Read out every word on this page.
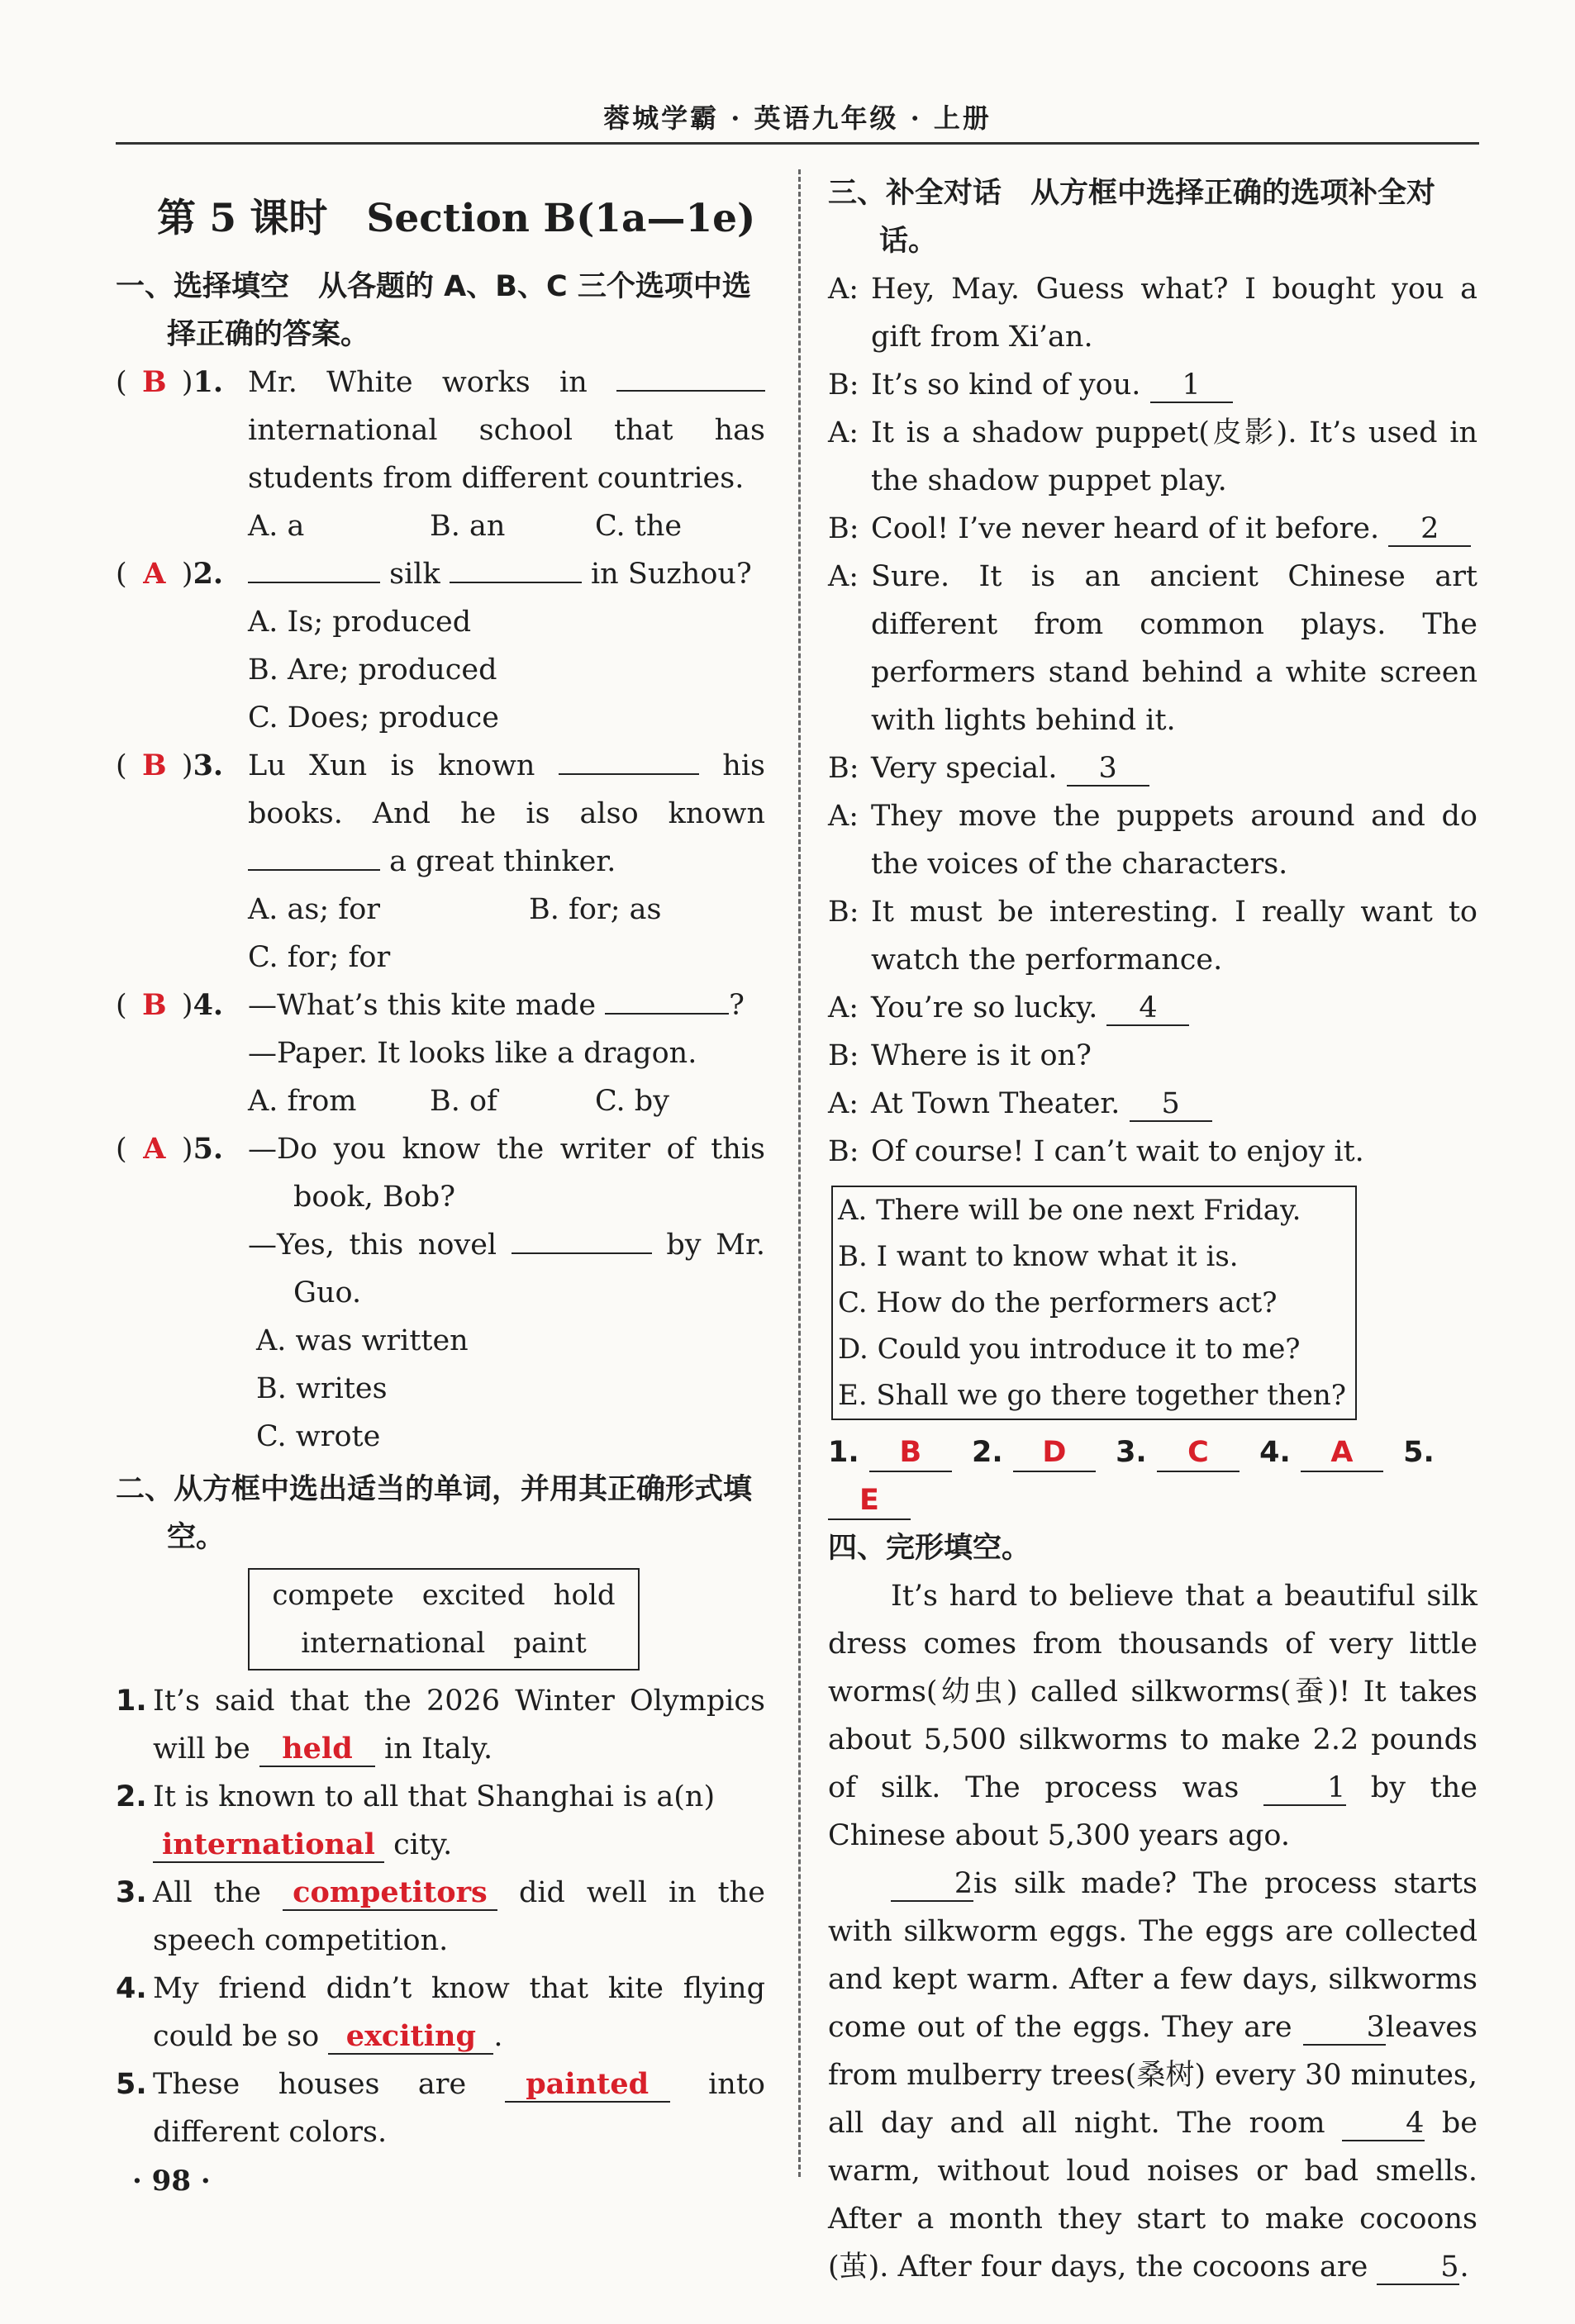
蓉城学霸 · 英语九年级 · 上册
第 5 课时　Section B(1a—1e)
一、选择填空　从各题的 A、B、C 三个选项中选择正确的答案。
( B )1. Mr. White works in  international school that has students from different countries.
A. a	B. an	C. the
( A )2.	silk	in Suzhou?
A. Is; produced
B. Are; produced
C. Does; produce
( B )3. Lu Xun is known	his books. And he is also known  a great thinker.
A. as; for	B. for; as
C. for; for
( B )4. —What’s this kite made	?
—Paper. It looks like a dragon.
A. from	B. of	C. by
( A )5. —Do you know the writer of this book, Bob?
—Yes, this novel	by Mr. Guo.
A. was written
B. writes
C. wrote
二、从方框中选出适当的单词，并用其正确形式填空。
compete　excited　hold
international　paint
1. It’s said that the 2026 Winter Olympics will be held in Italy.
2. It is known to all that Shanghai is a(n)
international city.
3. All the competitors did well in the speech competition.
4. My friend didn’t know that kite flying could be so exciting .
5. These houses are painted into different colors.
三、补全对话　从方框中选择正确的选项补全对话。
A: Hey, May. Guess what? I bought you a gift from Xi’an.
B: It’s so kind of you. 1
A: It is a shadow puppet(皮影). It’s used in the shadow puppet play.
B: Cool! I’ve never heard of it before. 2
A: Sure. It is an ancient Chinese art different from common plays. The performers stand behind a white screen with lights behind it.
B: Very special. 3
A: They move the puppets around and do the voices of the characters.
B: It must be interesting. I really want to watch the performance.
A: You’re so lucky. 4
B: Where is it on?
A: At Town Theater. 5
B: Of course! I can’t wait to enjoy it.
A. There will be one next Friday.
B. I want to know what it is.
C. How do the performers act?
D. Could you introduce it to me?
E. Shall we go there together then?
1. B 2. D 3. C 4. A 5. E
四、完形填空。
It’s hard to believe that a beautiful silk dress comes from thousands of very little worms(幼虫) called silkworms(蚕)! It takes about 5,500 silkworms to make 2.2 pounds of silk. The process was	1 by the Chinese about 5,300 years ago.
2is silk made? The process starts with silkworm eggs. The eggs are collected and kept warm. After a few days, silkworms come out of the eggs. They are	3leaves from mulberry trees(桑树) every 30 minutes, all day and all night. The room	4 be warm, without loud noises or bad smells. After a month they start to make cocoons (茧). After four days, the cocoons are	5.
· 98 ·
